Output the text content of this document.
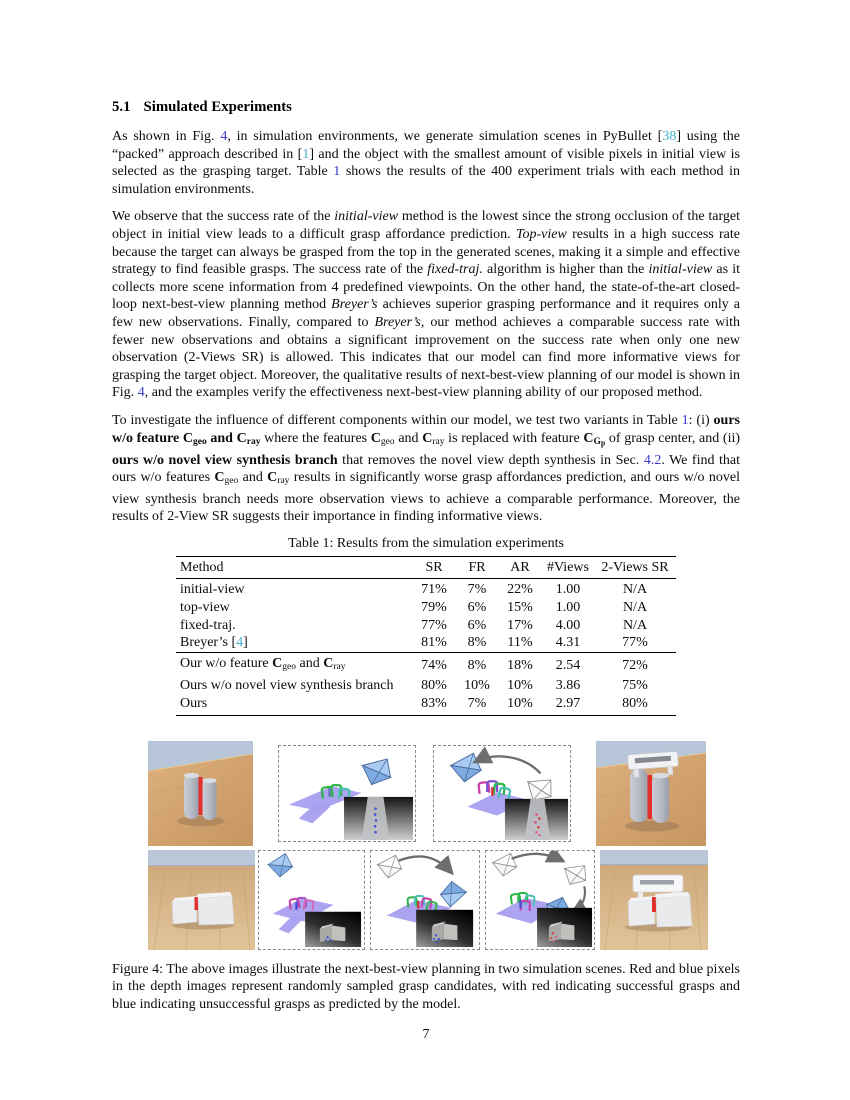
5.1 Simulated Experiments

As shown in Fig. 4, in simulation environments, we generate simulation scenes in PyBullet [38] using the “packed” approach described in [1] and the object with the smallest amount of visible pixels in initial view is selected as the grasping target. Table 1 shows the results of the 400 experiment trials with each method in simulation environments.

We observe that the success rate of the initial-view method is the lowest since the strong occlusion of the target object in initial view leads to a difficult grasp affordance prediction. Top-view results in a high success rate because the target can always be grasped from the top in the generated scenes, making it a simple and effective strategy to find feasible grasps. The success rate of the fixed-traj. algorithm is higher than the initial-view as it collects more scene information from 4 predefined viewpoints. On the other hand, the state-of-the-art closed-loop next-best-view planning method Breyer’s achieves superior grasping performance and it requires only a few new observations. Finally, compared to Breyer’s, our method achieves a comparable success rate with fewer new observations and obtains a significant improvement on the success rate when only one new observation (2-Views SR) is allowed. This indicates that our model can find more informative views for grasping the target object. Moreover, the qualitative results of next-best-view planning of our model is shown in Fig. 4, and the examples verify the effectiveness next-best-view planning ability of our proposed method.

To investigate the influence of different components within our model, we test two variants in Table 1: (i) ours w/o feature $C_{geo}$ and $C_{ray}$ where the features $C_{geo}$ and $C_{ray}$ is replaced with feature $C_{Gp}$ of grasp center, and (ii) ours w/o novel view synthesis branch that removes the novel view depth synthesis in Sec. 4.2. We find that ours w/o features $C_{geo}$ and $C_{ray}$ results in significantly worse grasp affordances prediction, and ours w/o novel view synthesis branch needs more observation views to achieve a comparable performance. Moreover, the results of 2-View SR suggests their importance in finding informative views.

Table 1: Results from the simulation experiments
Method	SR	FR	AR	#Views	2-Views SR
initial-view	71%	7%	22%	1.00	N/A
top-view	79%	6%	15%	1.00	N/A
fixed-traj.	77%	6%	17%	4.00	N/A
Breyer’s [4]	81%	8%	11%	4.31	77%
Our w/o feature $C_{geo}$ and $C_{ray}$	74%	8%	18%	2.54	72%
Ours w/o novel view synthesis branch	80%	10%	10%	3.86	75%
Ours	83%	7%	10%	2.97	80%

Figure 4: The above images illustrate the next-best-view planning in two simulation scenes. Red and blue pixels in the depth images represent randomly sampled grasp candidates, with red indicating successful grasps and blue indicating unsuccessful grasps as predicted by the model.

7
